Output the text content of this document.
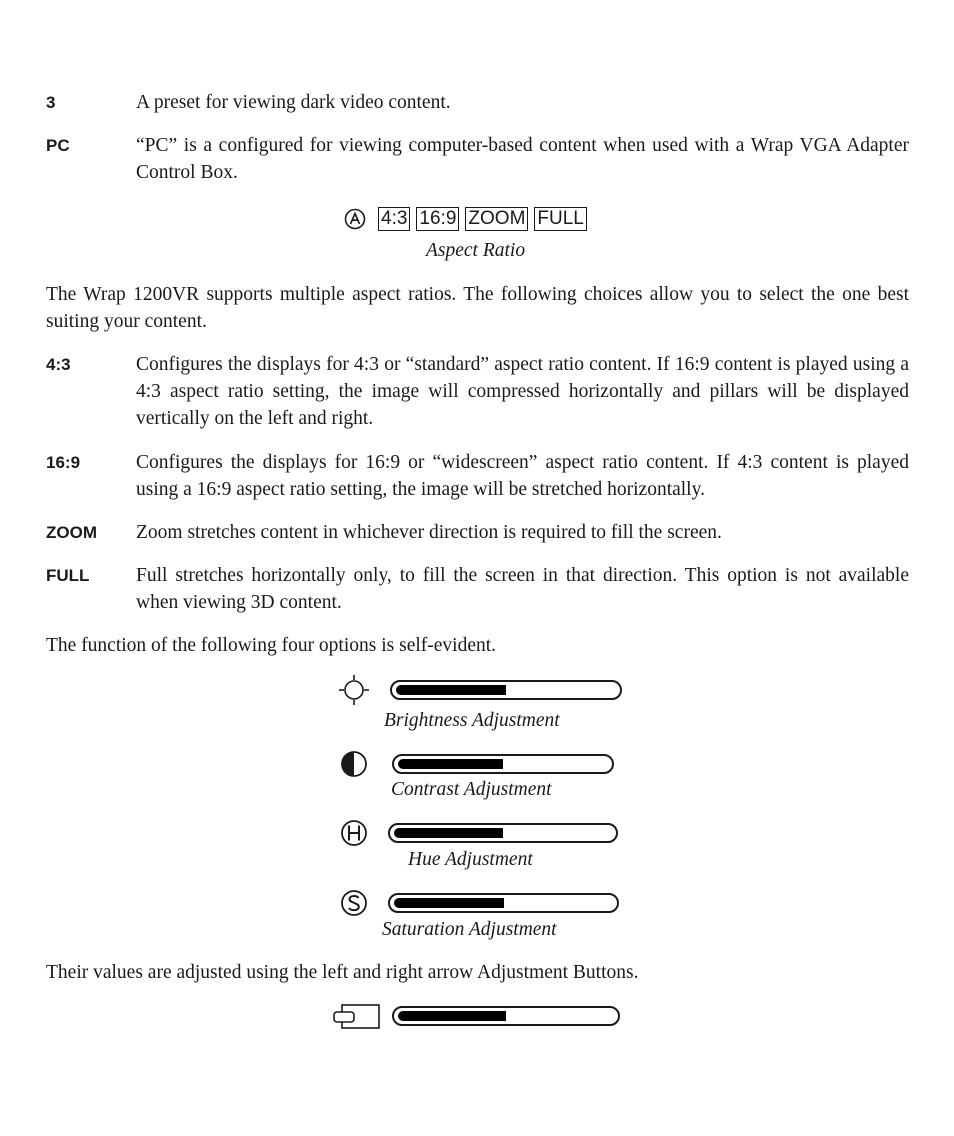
3	A preset for viewing dark video content.
PC	“PC” is a configured for viewing computer-based content when used with a Wrap VGA Adapter Control Box.
4:3 16:9 ZOOM FULL
Aspect Ratio
The Wrap 1200VR supports multiple aspect ratios. The following choices allow you to select the one best suiting your content.
4:3	Configures the displays for 4:3 or “standard” aspect ratio content. If 16:9 content is played using a 4:3 aspect ratio setting, the image will compressed horizontally and pillars will be displayed vertically on the left and right.
16:9	Configures the displays for 16:9 or “widescreen” aspect ratio content. If 4:3 content is played using a 16:9 aspect ratio setting, the image will be stretched horizontally.
ZOOM Zoom stretches content in whichever direction is required to fill the screen.
FULL Full stretches horizontally only, to fill the screen in that direction. This option is not available when viewing 3D content.
The function of the following four options is self-evident.
Brightness Adjustment
Contrast Adjustment
Hue Adjustment
Saturation Adjustment
Their values are adjusted using the left and right arrow Adjustment Buttons.
